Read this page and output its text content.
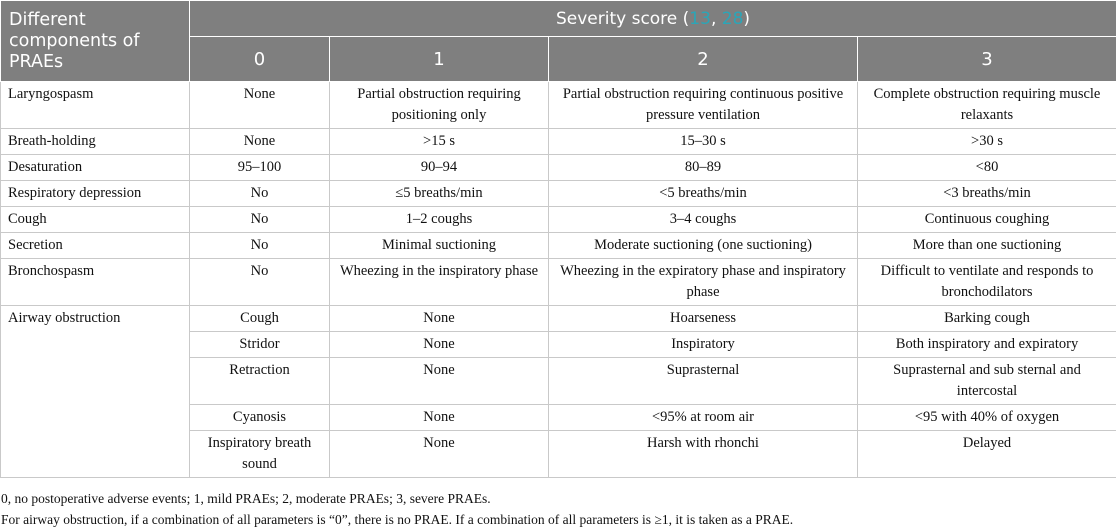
Different components of PRAEs	Severity score (13, 28)			
	0	1	2	3
Laryngospasm	None	Partial obstruction requiring positioning only	Partial obstruction requiring continuous positive pressure ventilation	Complete obstruction requiring muscle relaxants
Breath-holding	None	>15 s	15–30 s	>30 s
Desaturation	95–100	90–94	80–89	<80
Respiratory depression	No	≤5 breaths/min	<5 breaths/min	<3 breaths/min
Cough	No	1–2 coughs	3–4 coughs	Continuous coughing
Secretion	No	Minimal suctioning	Moderate suctioning (one suctioning)	More than one suctioning
Bronchospasm	No	Wheezing in the inspiratory phase	Wheezing in the expiratory phase and inspiratory phase	Difficult to ventilate and responds to bronchodilators
Airway obstruction	Cough	None	Hoarseness	Barking cough
	Stridor	None	Inspiratory	Both inspiratory and expiratory
	Retraction	None	Suprasternal	Suprasternal and sub sternal and intercostal
	Cyanosis	None	<95% at room air	<95 with 40% of oxygen
	Inspiratory breath sound	None	Harsh with rhonchi	Delayed

0, no postoperative adverse events; 1, mild PRAEs; 2, moderate PRAEs; 3, severe PRAEs.

For airway obstruction, if a combination of all parameters is “0”, there is no PRAE. If a combination of all parameters is ≥1, it is taken as a PRAE.
